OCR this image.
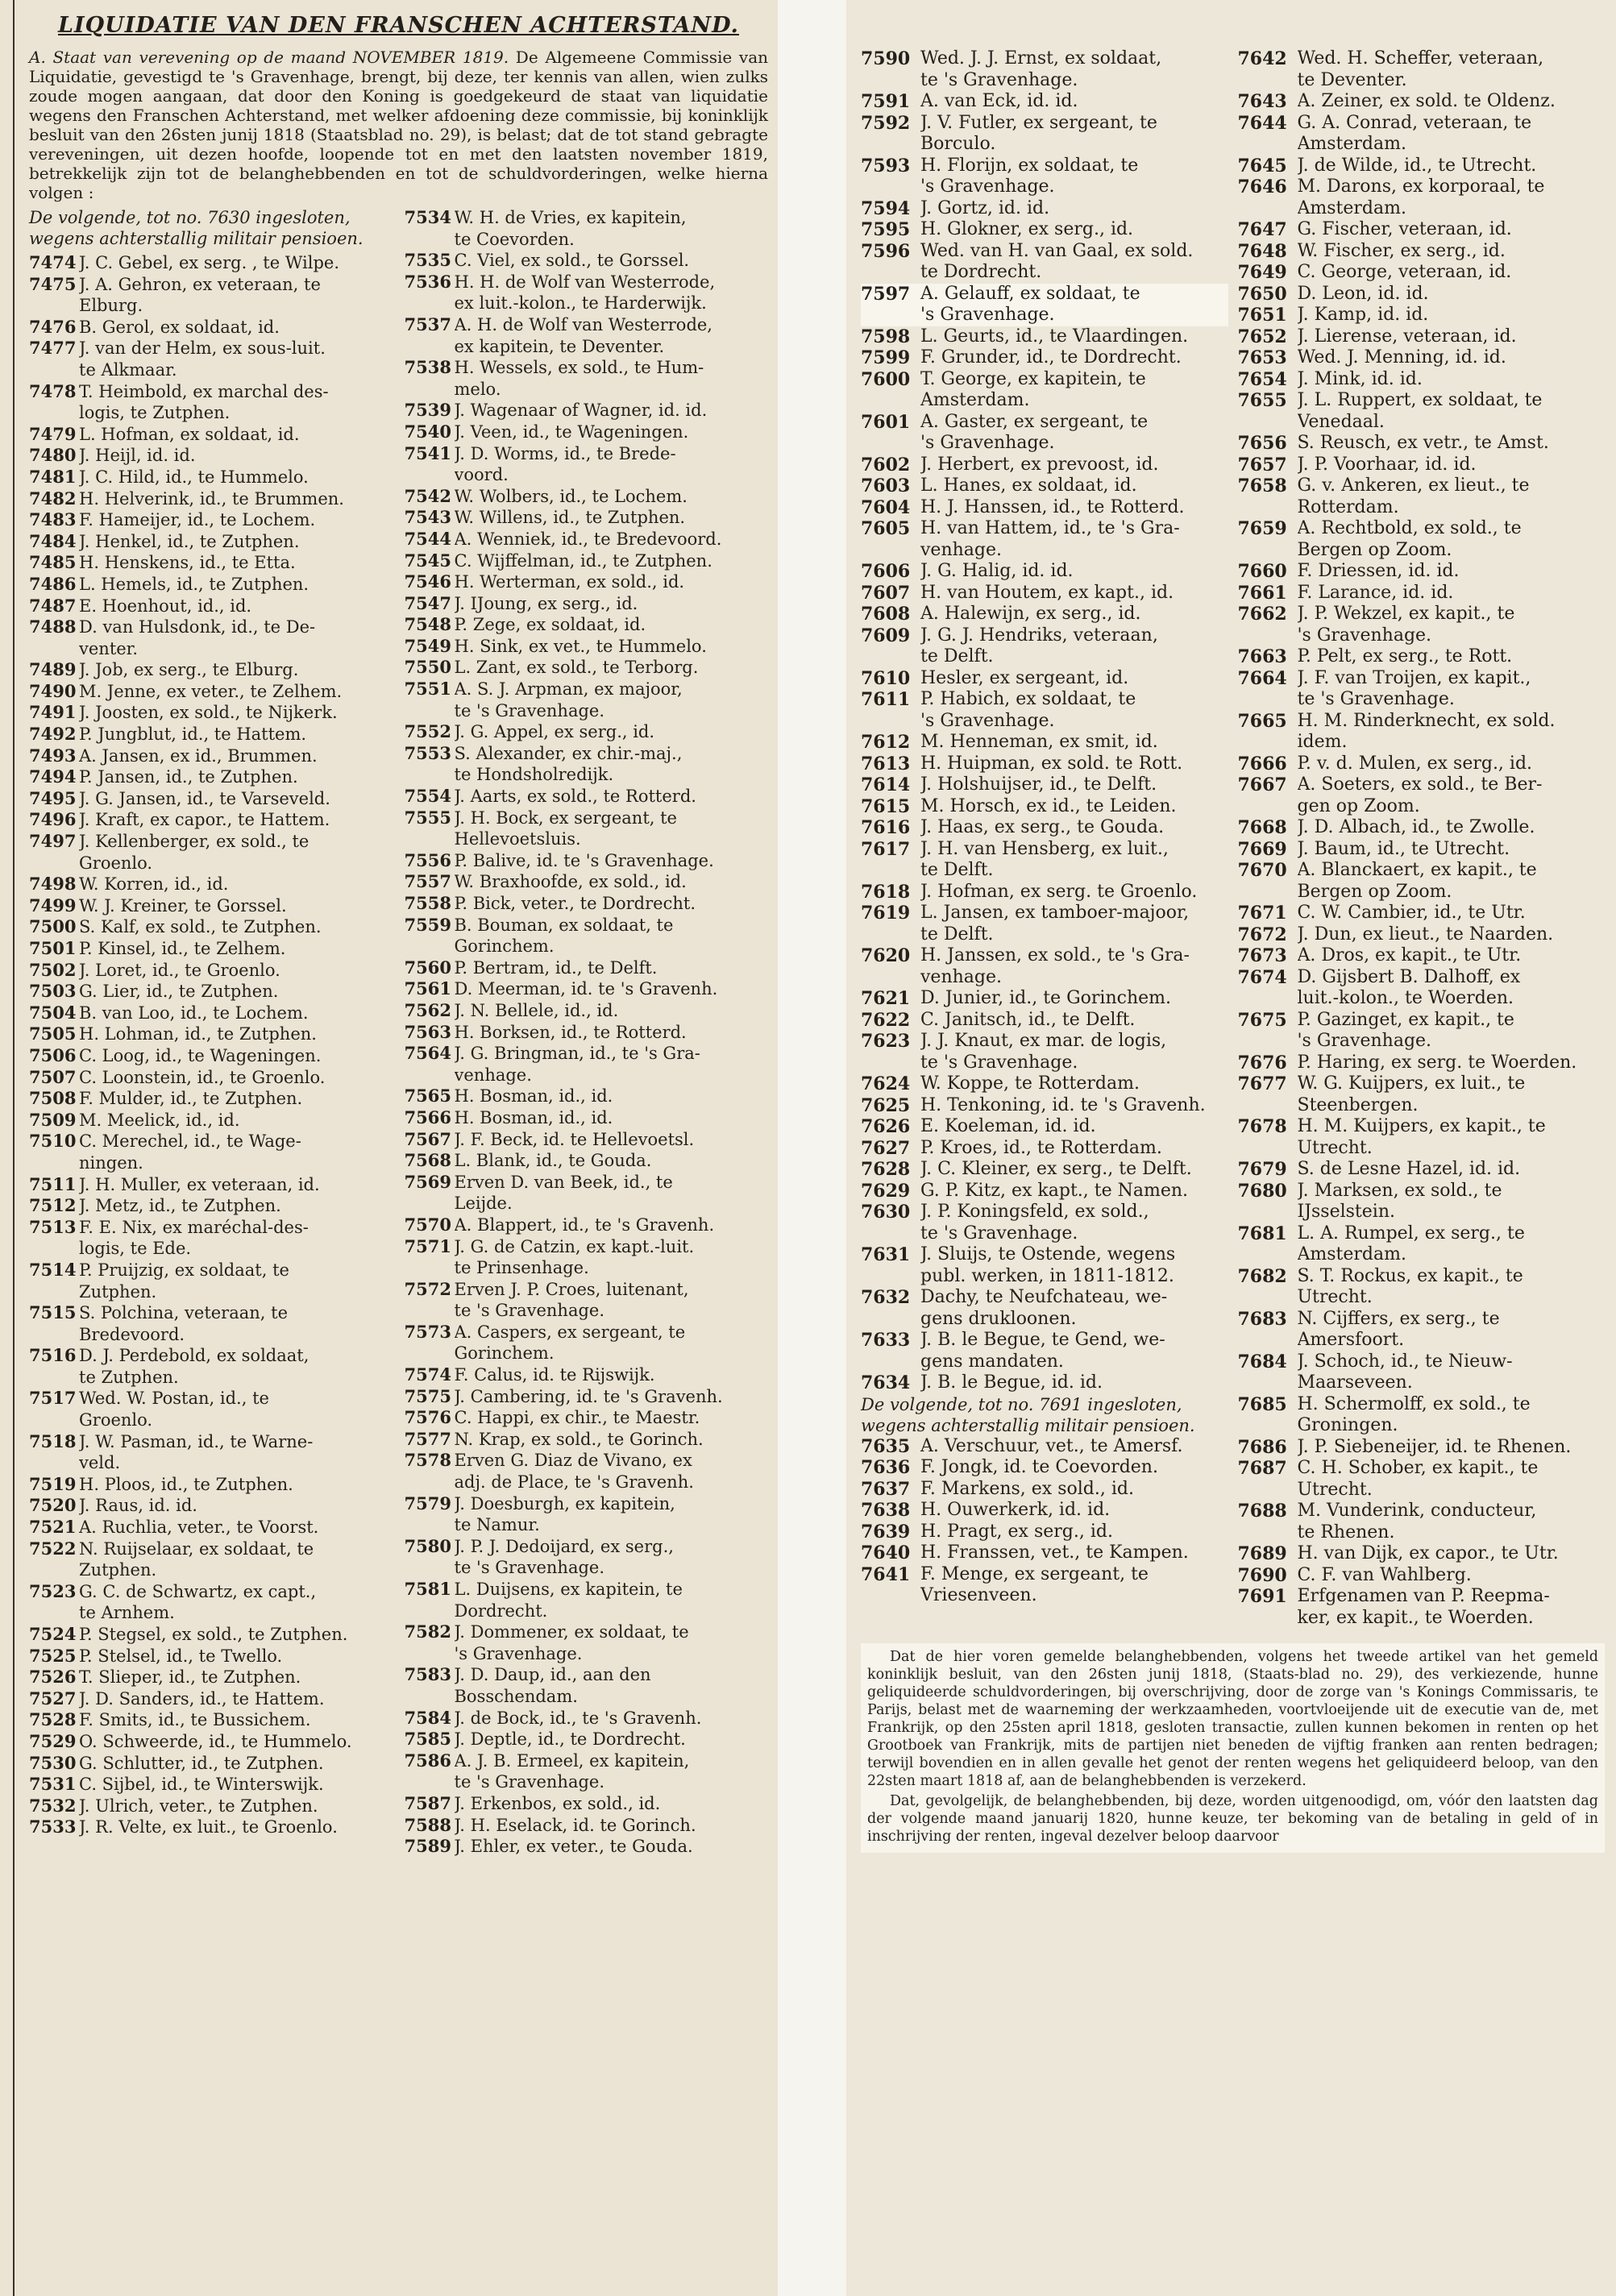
LIQUIDATIE VAN DEN FRANSCHEN ACHTERSTAND.

A. Staat van verevening op de maand NOVEMBER 1819. De Algemeene Commissie van Liquidatie, gevestigd te 's Gravenhage, brengt, bij deze, ter kennis van allen, wien zulks zoude mogen aangaan, dat door den Koning is goedgekeurd de staat van liquidatie wegens den Franschen Achterstand, met welker afdoening deze commissie, bij koninklijk besluit van den 26sten junij 1818 (Staatsblad no. 29), is belast; dat de tot stand gebragte vereveningen, uit dezen hoofde, loopende tot en met den laatsten november 1819, betrekkelijk zijn tot de belanghebbenden en tot de schuldvorderingen, welke hierna volgen :

De volgende, tot no. 7630 ingesloten, wegens achterstallig militair pensioen.

7474 J. C. Gebel, ex serg. , te Wilpe.
7475 J. A. Gehron, ex veteraan, te
Elburg.
7476 B. Gerol, ex soldaat, id.
7477 J. van der Helm, ex sous-luit.
te Alkmaar.
7478 T. Heimbold, ex marchal des-
logis, te Zutphen.
7479 L. Hofman, ex soldaat, id.
7480 J. Heijl, id. id.
7481 J. C. Hild, id., te Hummelo.
7482 H. Helverink, id., te Brummen.
7483 F. Hameijer, id., te Lochem.
7484 J. Henkel, id., te Zutphen.
7485 H. Henskens, id., te Etta.
7486 L. Hemels, id., te Zutphen.
7487 E. Hoenhout, id., id.
7488 D. van Hulsdonk, id., te De-
venter.
7489 J. Job, ex serg., te Elburg.
7490 M. Jenne, ex veter., te Zelhem.
7491 J. Joosten, ex sold., te Nijkerk.
7492 P. Jungblut, id., te Hattem.
7493 A. Jansen, ex id., Brummen.
7494 P. Jansen, id., te Zutphen.
7495 J. G. Jansen, id., te Varseveld.
7496 J. Kraft, ex capor., te Hattem.
7497 J. Kellenberger, ex sold., te
Groenlo.
7498 W. Korren, id., id.
7499 W. J. Kreiner, te Gorssel.
7500 S. Kalf, ex sold., te Zutphen.
7501 P. Kinsel, id., te Zelhem.
7502 J. Loret, id., te Groenlo.
7503 G. Lier, id., te Zutphen.
7504 B. van Loo, id., te Lochem.
7505 H. Lohman, id., te Zutphen.
7506 C. Loog, id., te Wageningen.
7507 C. Loonstein, id., te Groenlo.
7508 F. Mulder, id., te Zutphen.
7509 M. Meelick, id., id.
7510 C. Merechel, id., te Wage-
ningen.
7511 J. H. Muller, ex veteraan, id.
7512 J. Metz, id., te Zutphen.
7513 F. E. Nix, ex maréchal-des-
logis, te Ede.
7514 P. Pruijzig, ex soldaat, te
Zutphen.
7515 S. Polchina, veteraan, te
Bredevoord.
7516 D. J. Perdebold, ex soldaat,
te Zutphen.
7517 Wed. W. Postan, id., te
Groenlo.
7518 J. W. Pasman, id., te Warne-
veld.
7519 H. Ploos, id., te Zutphen.
7520 J. Raus, id. id.
7521 A. Ruchlia, veter., te Voorst.
7522 N. Ruijselaar, ex soldaat, te
Zutphen.
7523 G. C. de Schwartz, ex capt.,
te Arnhem.
7524 P. Stegsel, ex sold., te Zutphen.
7525 P. Stelsel, id., te Twello.
7526 T. Slieper, id., te Zutphen.
7527 J. D. Sanders, id., te Hattem.
7528 F. Smits, id., te Bussichem.
7529 O. Schweerde, id., te Hummelo.
7530 G. Schlutter, id., te Zutphen.
7531 C. Sijbel, id., te Winterswijk.
7532 J. Ulrich, veter., te Zutphen.
7533 J. R. Velte, ex luit., te Groenlo.
7534 W. H. de Vries, ex kapitein,
te Coevorden.
7535 C. Viel, ex sold., te Gorssel.
7536 H. H. de Wolf van Westerrode,
ex luit.-kolon., te Harderwijk.
7537 A. H. de Wolf van Westerrode,
ex kapitein, te Deventer.
7538 H. Wessels, ex sold., te Hum-
melo.
7539 J. Wagenaar of Wagner, id. id.
7540 J. Veen, id., te Wageningen.
7541 J. D. Worms, id., te Brede-
voord.
7542 W. Wolbers, id., te Lochem.
7543 W. Willens, id., te Zutphen.
7544 A. Wenniek, id., te Bredevoord.
7545 C. Wijffelman, id., te Zutphen.
7546 H. Werterman, ex sold., id.
7547 J. IJoung, ex serg., id.
7548 P. Zege, ex soldaat, id.
7549 H. Sink, ex vet., te Hummelo.
7550 L. Zant, ex sold., te Terborg.
7551 A. S. J. Arpman, ex majoor,
te 's Gravenhage.
7552 J. G. Appel, ex serg., id.
7553 S. Alexander, ex chir.-maj.,
te Hondsholredijk.
7554 J. Aarts, ex sold., te Rotterd.
7555 J. H. Bock, ex sergeant, te
Hellevoetsluis.
7556 P. Balive, id. te 's Gravenhage.
7557 W. Braxhoofde, ex sold., id.
7558 P. Bick, veter., te Dordrecht.
7559 B. Bouman, ex soldaat, te
Gorinchem.
7560 P. Bertram, id., te Delft.
7561 D. Meerman, id. te 's Gravenh.
7562 J. N. Bellele, id., id.
7563 H. Borksen, id., te Rotterd.
7564 J. G. Bringman, id., te 's Gra-
venhage.
7565 H. Bosman, id., id.
7566 H. Bosman, id., id.
7567 J. F. Beck, id. te Hellevoetsl.
7568 L. Blank, id., te Gouda.
7569 Erven D. van Beek, id., te
Leijde.
7570 A. Blappert, id., te 's Gravenh.
7571 J. G. de Catzin, ex kapt.-luit.
te Prinsenhage.
7572 Erven J. P. Croes, luitenant,
te 's Gravenhage.
7573 A. Caspers, ex sergeant, te
Gorinchem.
7574 F. Calus, id. te Rijswijk.
7575 J. Cambering, id. te 's Gravenh.
7576 C. Happi, ex chir., te Maestr.
7577 N. Krap, ex sold., te Gorinch.
7578 Erven G. Diaz de Vivano, ex
adj. de Place, te 's Gravenh.
7579 J. Doesburgh, ex kapitein,
te Namur.
7580 J. P. J. Dedoijard, ex serg.,
te 's Gravenhage.
7581 L. Duijsens, ex kapitein, te
Dordrecht.
7582 J. Dommener, ex soldaat, te
's Gravenhage.
7583 J. D. Daup, id., aan den
Bosschendam.
7584 J. de Bock, id., te 's Gravenh.
7585 J. Deptle, id., te Dordrecht.
7586 A. J. B. Ermeel, ex kapitein,
te 's Gravenhage.
7587 J. Erkenbos, ex sold., id.
7588 J. H. Eselack, id. te Gorinch.
7589 J. Ehler, ex veter., te Gouda.
7590 Wed. J. J. Ernst, ex soldaat,
te 's Gravenhage.
7591 A. van Eck, id. id.
7592 J. V. Futler, ex sergeant, te
Borculo.
7593 H. Florijn, ex soldaat, te
's Gravenhage.
7594 J. Gortz, id. id.
7595 H. Glokner, ex serg., id.
7596 Wed. van H. van Gaal, ex sold.
te Dordrecht.
7597 A. Gelauff, ex soldaat, te
's Gravenhage.
7598 L. Geurts, id., te Vlaardingen.
7599 F. Grunder, id., te Dordrecht.
7600 T. George, ex kapitein, te
Amsterdam.
7601 A. Gaster, ex sergeant, te
's Gravenhage.
7602 J. Herbert, ex prevoost, id.
7603 L. Hanes, ex soldaat, id.
7604 H. J. Hanssen, id., te Rotterd.
7605 H. van Hattem, id., te 's Gra-
venhage.
7606 J. G. Halig, id. id.
7607 H. van Houtem, ex kapt., id.
7608 A. Halewijn, ex serg., id.
7609 J. G. J. Hendriks, veteraan,
te Delft.
7610 Hesler, ex sergeant, id.
7611 P. Habich, ex soldaat, te
's Gravenhage.
7612 M. Henneman, ex smit, id.
7613 H. Huipman, ex sold. te Rott.
7614 J. Holshuijser, id., te Delft.
7615 M. Horsch, ex id., te Leiden.
7616 J. Haas, ex serg., te Gouda.
7617 J. H. van Hensberg, ex luit.,
te Delft.
7618 J. Hofman, ex serg. te Groenlo.
7619 L. Jansen, ex tamboer-majoor,
te Delft.
7620 H. Janssen, ex sold., te 's Gra-
venhage.
7621 D. Junier, id., te Gorinchem.
7622 C. Janitsch, id., te Delft.
7623 J. J. Knaut, ex mar. de logis,
te 's Gravenhage.
7624 W. Koppe, te Rotterdam.
7625 H. Tenkoning, id. te 's Gravenh.
7626 E. Koeleman, id. id.
7627 P. Kroes, id., te Rotterdam.
7628 J. C. Kleiner, ex serg., te Delft.
7629 G. P. Kitz, ex kapt., te Namen.
7630 J. P. Koningsfeld, ex sold.,
te 's Gravenhage.
7631 J. Sluijs, te Ostende, wegens
publ. werken, in 1811-1812.
7632 Dachy, te Neufchateau, we-
gens drukloonen.
7633 J. B. le Begue, te Gend, we-
gens mandaten.
7634 J. B. le Begue, id. id.

De volgende, tot no. 7691 ingesloten, wegens achterstallig militair pensioen.

7635 A. Verschuur, vet., te Amersf.
7636 F. Jongk, id. te Coevorden.
7637 F. Markens, ex sold., id.
7638 H. Ouwerkerk, id. id.
7639 H. Pragt, ex serg., id.
7640 H. Franssen, vet., te Kampen.
7641 F. Menge, ex sergeant, te
Vriesenveen.
7642 Wed. H. Scheffer, veteraan,
te Deventer.
7643 A. Zeiner, ex sold. te Oldenz.
7644 G. A. Conrad, veteraan, te
Amsterdam.
7645 J. de Wilde, id., te Utrecht.
7646 M. Darons, ex korporaal, te
Amsterdam.
7647 G. Fischer, veteraan, id.
7648 W. Fischer, ex serg., id.
7649 C. George, veteraan, id.
7650 D. Leon, id. id.
7651 J. Kamp, id. id.
7652 J. Lierense, veteraan, id.
7653 Wed. J. Menning, id. id.
7654 J. Mink, id. id.
7655 J. L. Ruppert, ex soldaat, te
Venedaal.
7656 S. Reusch, ex vetr., te Amst.
7657 J. P. Voorhaar, id. id.
7658 G. v. Ankeren, ex lieut., te
Rotterdam.
7659 A. Rechtbold, ex sold., te
Bergen op Zoom.
7660 F. Driessen, id. id.
7661 F. Larance, id. id.
7662 J. P. Wekzel, ex kapit., te
's Gravenhage.
7663 P. Pelt, ex serg., te Rott.
7664 J. F. van Troijen, ex kapit.,
te 's Gravenhage.
7665 H. M. Rinderknecht, ex sold.
idem.
7666 P. v. d. Mulen, ex serg., id.
7667 A. Soeters, ex sold., te Ber-
gen op Zoom.
7668 J. D. Albach, id., te Zwolle.
7669 J. Baum, id., te Utrecht.
7670 A. Blanckaert, ex kapit., te
Bergen op Zoom.
7671 C. W. Cambier, id., te Utr.
7672 J. Dun, ex lieut., te Naarden.
7673 A. Dros, ex kapit., te Utr.
7674 D. Gijsbert B. Dalhoff, ex
luit.-kolon., te Woerden.
7675 P. Gazinget, ex kapit., te
's Gravenhage.
7676 P. Haring, ex serg. te Woerden.
7677 W. G. Kuijpers, ex luit., te
Steenbergen.
7678 H. M. Kuijpers, ex kapit., te
Utrecht.
7679 S. de Lesne Hazel, id. id.
7680 J. Marksen, ex sold., te
IJsselstein.
7681 L. A. Rumpel, ex serg., te
Amsterdam.
7682 S. T. Rockus, ex kapit., te
Utrecht.
7683 N. Cijffers, ex serg., te
Amersfoort.
7684 J. Schoch, id., te Nieuw-
Maarseveen.
7685 H. Schermolff, ex sold., te
Groningen.
7686 J. P. Siebeneijer, id. te Rhenen.
7687 C. H. Schober, ex kapit., te
Utrecht.
7688 M. Vunderink, conducteur,
te Rhenen.
7689 H. van Dijk, ex capor., te Utr.
7690 C. F. van Wahlberg.
7691 Erfgenamen van P. Reepma-
ker, ex kapit., te Woerden.

Dat de hier voren gemelde belanghebbenden, volgens het tweede artikel van het gemeld koninklijk besluit, van den 26sten junij 1818, (Staats-blad no. 29), des verkiezende, hunne geliquideerde schuldvorderingen, bij overschrijving, door de zorge van 's Konings Commissaris, te Parijs, belast met de waarneming der werkzaamheden, voortvloeijende uit de executie van de, met Frankrijk, op den 25sten april 1818, gesloten transactie, zullen kunnen bekomen in renten op het Grootboek van Frankrijk, mits de partijen niet beneden de vijftig franken aan renten bedragen; terwijl bovendien en in allen gevalle het genot der renten wegens het geliquideerd beloop, van den 22sten maart 1818 af, aan de belanghebbenden is verzekerd.

Dat, gevolgelijk, de belanghebbenden, bij deze, worden uitgenoodigd, om, vóór den laatsten dag der volgende maand januarij 1820, hunne keuze, ter bekoming van de betaling in geld of in inschrijving der renten, ingeval dezelver beloop daarvoor
